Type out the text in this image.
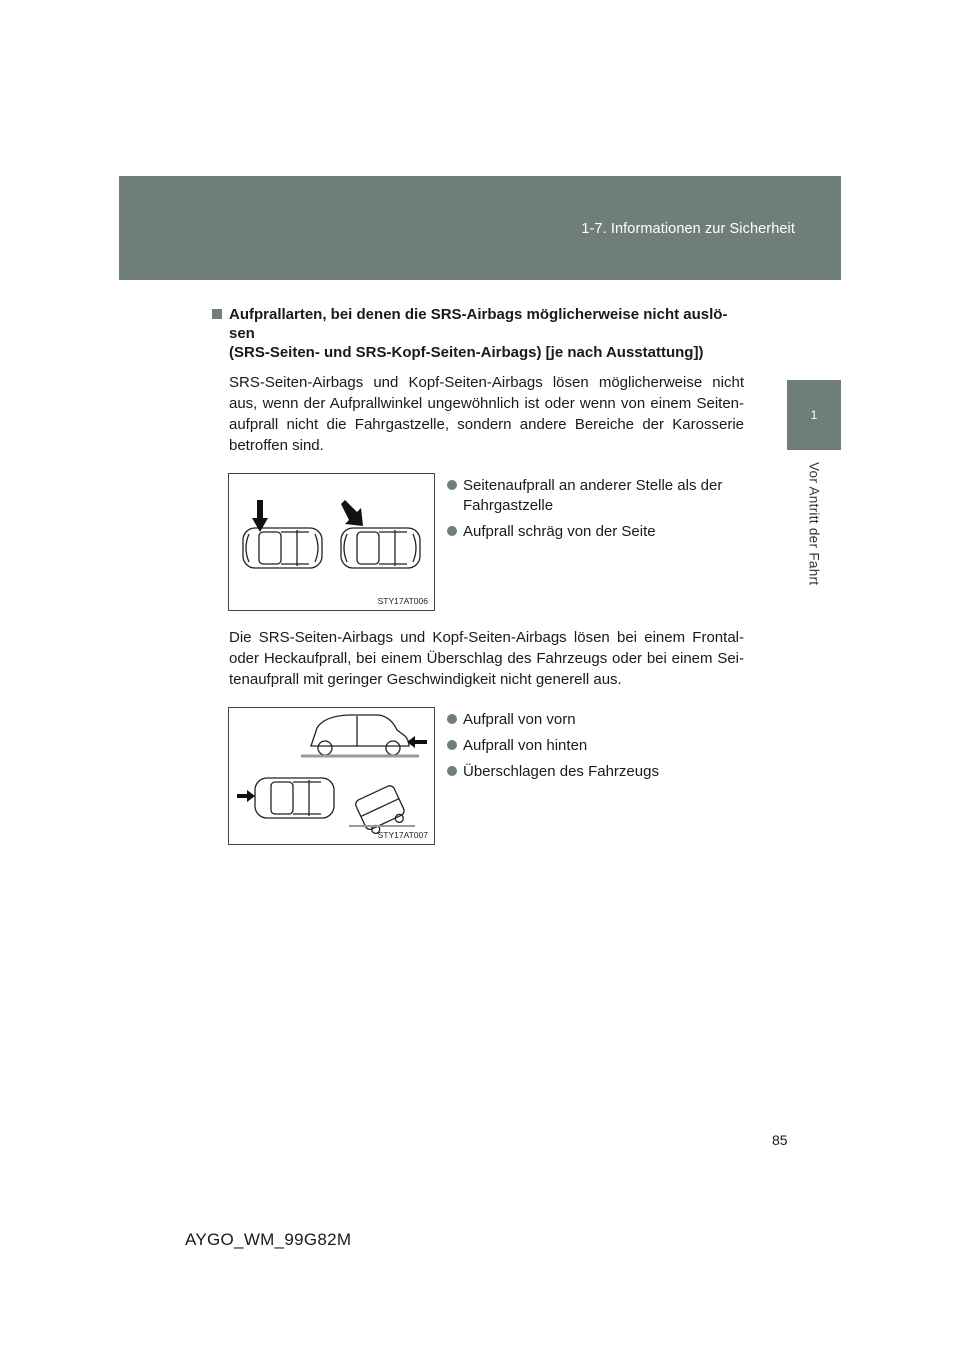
1-7. Informationen zur Sicherheit
1
Vor Antritt der Fahrt
Aufprallarten, bei denen die SRS-Airbags möglicherweise nicht auslö-
sen
(SRS-Seiten- und SRS-Kopf-Seiten-Airbags) [je nach Ausstattung])

SRS-Seiten-Airbags und Kopf-Seiten-Airbags lösen möglicherweise nicht aus, wenn der Aufprallwinkel ungewöhnlich ist oder wenn von einem Seiten-aufprall nicht die Fahrgastzelle, sondern andere Bereiche der Karosserie betroffen sind.

STY17AT006
Seitenaufprall an anderer Stelle als der Fahrgastzelle
Aufprall schräg von der Seite

Die SRS-Seiten-Airbags und Kopf-Seiten-Airbags lösen bei einem Frontal- oder Heckaufprall, bei einem Überschlag des Fahrzeugs oder bei einem Sei-tenaufprall mit geringer Geschwindigkeit nicht generell aus.

STY17AT007
Aufprall von vorn
Aufprall von hinten
Überschlagen des Fahrzeugs
85
AYGO_WM_99G82M
